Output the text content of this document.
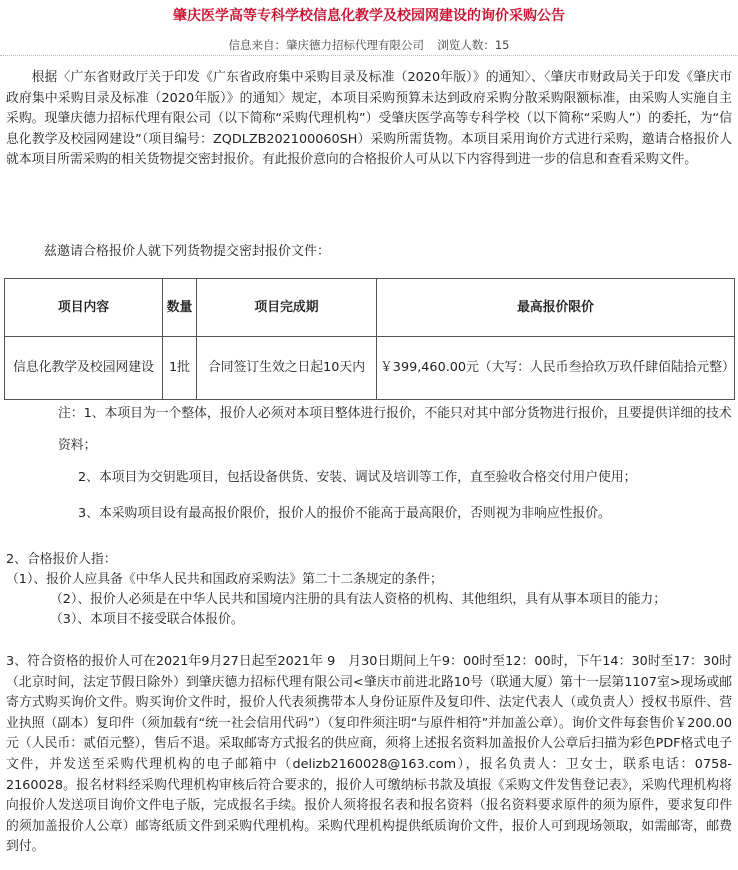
肇庆医学高等专科学校信息化教学及校园网建设的询价采购公告
信息来自：肇庆德力招标代理有限公司 浏览人数：15
根据〈广东省财政厅关于印发《广东省政府集中采购目录及标准（2020年版）》的通知〉、〈肇庆市财政局关于印发《肇庆市政府集中采购目录及标准（2020年版）》的通知〉规定，本项目采购预算未达到政府采购分散采购限额标准，由采购人实施自主采购。现肇庆德力招标代理有限公司（以下简称“采购代理机构”）受肇庆医学高等专科学校（以下简称“采购人”）的委托，为“信息化教学及校园网建设”（项目编号：ZQDLZB202100060SH）采购所需货物。本项目采用询价方式进行采购，邀请合格报价人就本项目所需采购的相关货物提交密封报价。有此报价意向的合格报价人可从以下内容得到进一步的信息和查看采购文件。
兹邀请合格报价人就下列货物提交密封报价文件：
项目内容	数量	项目完成期	最高报价限价
信息化教学及校园网建设	1批	合同签订生效之日起10天内	￥399,460.00元（大写：人民币叁拾玖万玖仟肆佰陆拾元整）
注：1、本项目为一个整体，报价人必须对本项目整体进行报价，不能只对其中部分货物进行报价，且要提供详细的技术资料；
2、本项目为交钥匙项目，包括设备供货、安装、调试及培训等工作，直至验收合格交付用户使用；
3、本采购项目设有最高报价限价，报价人的报价不能高于最高限价，否则视为非响应性报价。
2、合格报价人指：
（1）、报价人应具备《中华人民共和国政府采购法》第二十二条规定的条件；
（2）、报价人必须是在中华人民共和国境内注册的具有法人资格的机构、其他组织，具有从事本项目的能力；
（3）、本项目不接受联合体报价。
3、符合资格的报价人可在2021年9月27日起至2021年 9　月30日期间上午9：00时至12：00时，下午14：30时至17：30时（北京时间，法定节假日除外）到肇庆德力招标代理有限公司<肇庆市前进北路10号（联通大厦）第十一层第1107室>现场或邮寄方式购买询价文件。购买询价文件时，报价人代表须携带本人身份证原件及复印件、法定代表人（或负责人）授权书原件、营业执照（副本）复印件（须加载有“统一社会信用代码”）（复印件须注明“与原件相符”并加盖公章）。询价文件每套售价￥200.00元（人民币：贰佰元整），售后不退。采取邮寄方式报名的供应商，须将上述报名资料加盖报价人公章后扫描为彩色PDF格式电子文件，并发送至采购代理机构的电子邮箱中（delizb2160028@163.com），报名负责人：卫女士，联系电话：0758-2160028。报名材料经采购代理机构审核后符合要求的，报价人可缴纳标书款及填报《采购文件发售登记表》，采购代理机构将向报价人发送项目询价文件电子版，完成报名手续。报价人须将报名表和报名资料（报名资料要求原件的须为原件，要求复印件的须加盖报价人公章）邮寄纸质文件到采购代理机构。采购代理机构提供纸质询价文件，报价人可到现场领取，如需邮寄，邮费到付。
